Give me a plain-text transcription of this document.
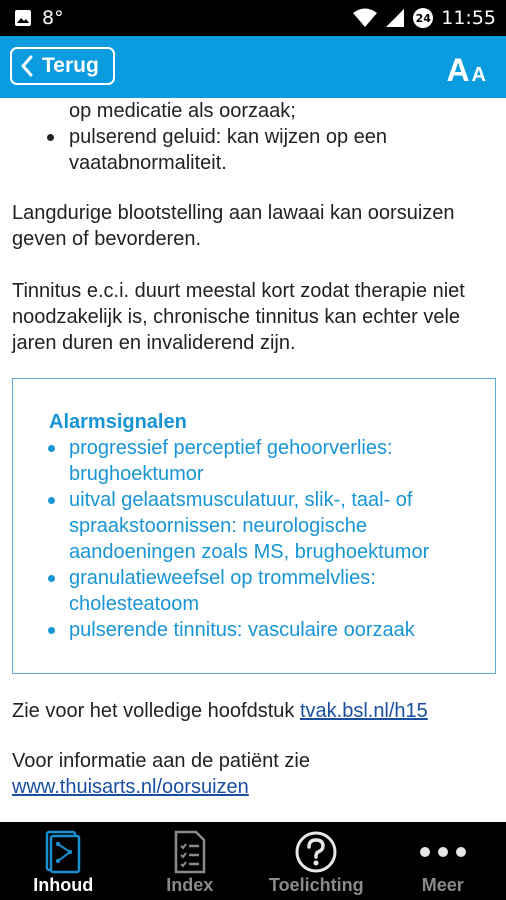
8°	24 11:55
Terug	A A
op medicatie als oorzaak;
pulserend geluid: kan wijzen op een vaatabnormaliteit.

Langdurige blootstelling aan lawaai kan oorsuizen geven of bevorderen.

Tinnitus e.c.i. duurt meestal kort zodat therapie niet noodzakelijk is, chronische tinnitus kan echter vele jaren duren en invaliderend zijn.

Alarmsignalen

progressief perceptief gehoorverlies: brughoektumor
uitval gelaatsmusculatuur, slik-, taal- of spraakstoornissen: neurologische aandoeningen zoals MS, brughoektumor
granulatieweefsel op trommelvlies: cholesteatoom
pulserende tinnitus: vasculaire oorzaak

Zie voor het volledige hoofdstuk tvak.bsl.nl/h15

Voor informatie aan de patiënt zie
www.thuisarts.nl/oorsuizen

Inhoud	Index	Toelichting	Meer
